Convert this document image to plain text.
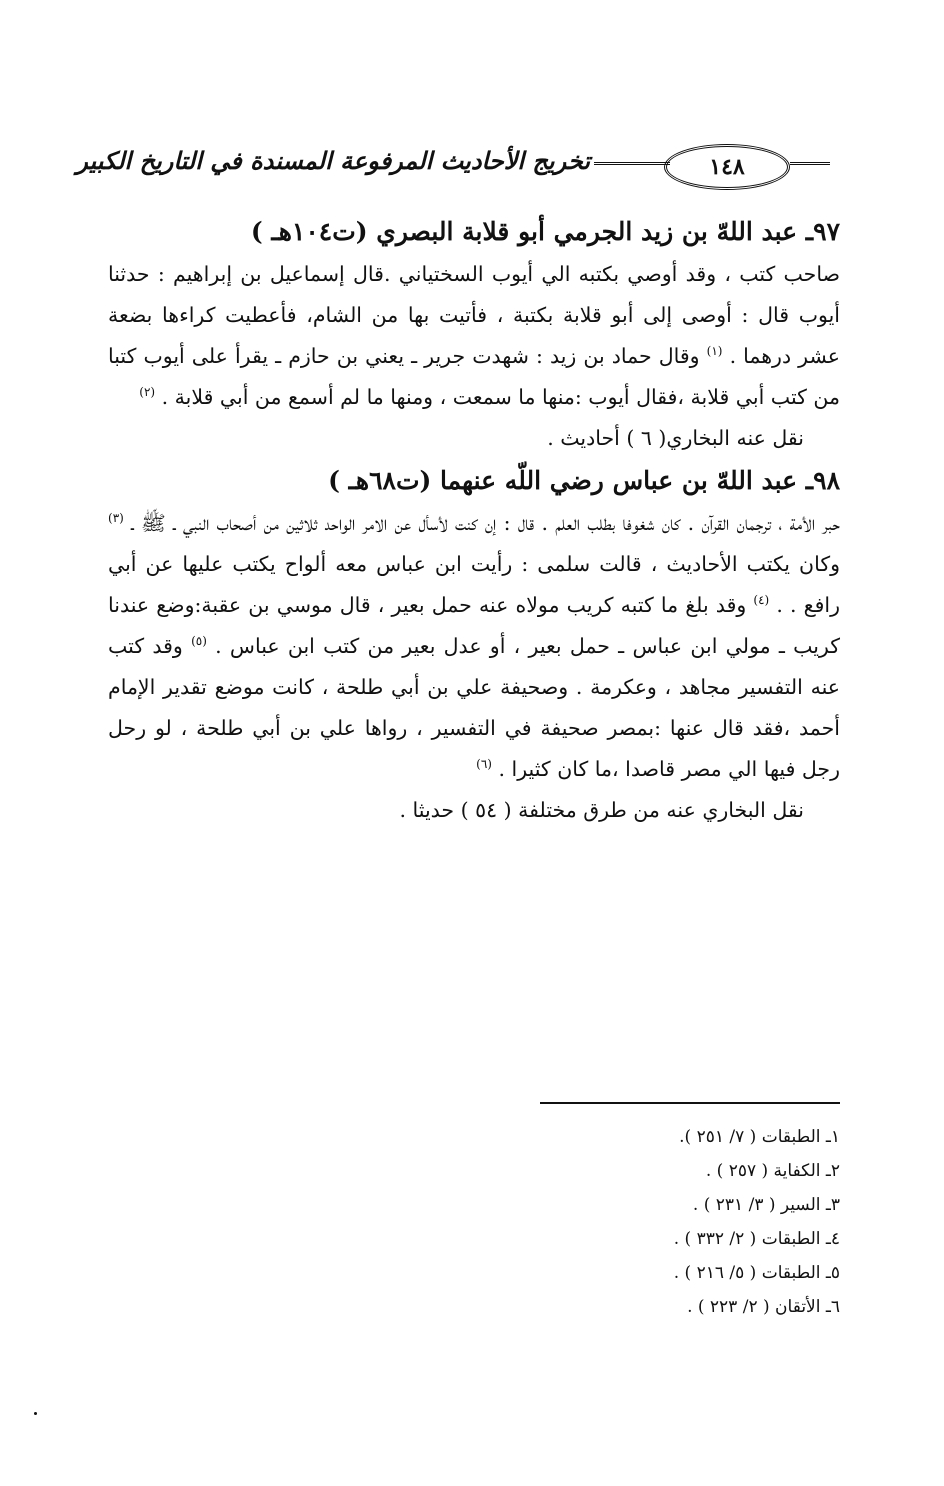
١٤٨
تخريج الأحاديث المرفوعة المسندة في التاريخ الكبير
٩٧ـ عبد اللهّ بن زيد الجرمي أبو قلابة البصري (ت١٠٤هـ )

صاحب كتب ، وقد أوصي بكتبه الي أيوب السختياني .قال إسماعيل بن إبراهيم : حدثنا أيوب قال : أوصى إلى أبو قلابة بكتبة ، فأتيت بها من الشام، فأعطيت كراءها بضعة عشر درهما . $^{(١)}$ وقال حماد بن زيد : شهدت جرير ـ يعني بن حازم ـ يقرأ على أيوب كتبا من كتب أبي قلابة ،فقال أيوب :منها ما سمعت ، ومنها ما لم أسمع من أبي قلابة . $^{(٢)}$

نقل عنه البخاري( ٦ ) أحاديث .

٩٨ـ عبد اللهّ بن عباس رضي اللّه عنهما (ت٦٨هـ )

حبر الأمة ، ترجمان القرآن . كان شغوفا بطلب العلم . قال : إن كنت لأسأل عن الامر الواحد ثلاثين من أصحاب النبي ـ ﷺ ـ $^{(٣)}$ وكان يكتب الأحاديث ، قالت سلمى : رأيت ابن عباس معه ألواح يكتب عليها عن أبي رافع . . $^{(٤)}$ وقد بلغ ما كتبه كريب مولاه عنه حمل بعير ، قال موسي بن عقبة:وضع عندنا كريب ـ مولي ابن عباس ـ حمل بعير ، أو عدل بعير من كتب ابن عباس . $^{(٥)}$ وقد كتب عنه التفسير مجاهد ، وعكرمة . وصحيفة علي بن أبي طلحة ، كانت موضع تقدير الإمام أحمد ،فقد قال عنها :بمصر صحيفة في التفسير ، رواها علي بن أبي طلحة ، لو رحل رجل فيها الي مصر قاصدا ،ما كان كثيرا . $^{(٦)}$

نقل البخاري عنه من طرق مختلفة ( ٥٤ ) حديثا .

١ـ الطبقات ( ٧/ ٢٥١ ).
٢ـ الكفاية ( ٢٥٧ ) .
٣ـ السير ( ٣/ ٢٣١ ) .
٤ـ الطبقات ( ٢/ ٣٣٢ ) .
٥ـ الطبقات ( ٥/ ٢١٦ ) .
٦ـ الأتقان ( ٢/ ٢٢٣ ) .
